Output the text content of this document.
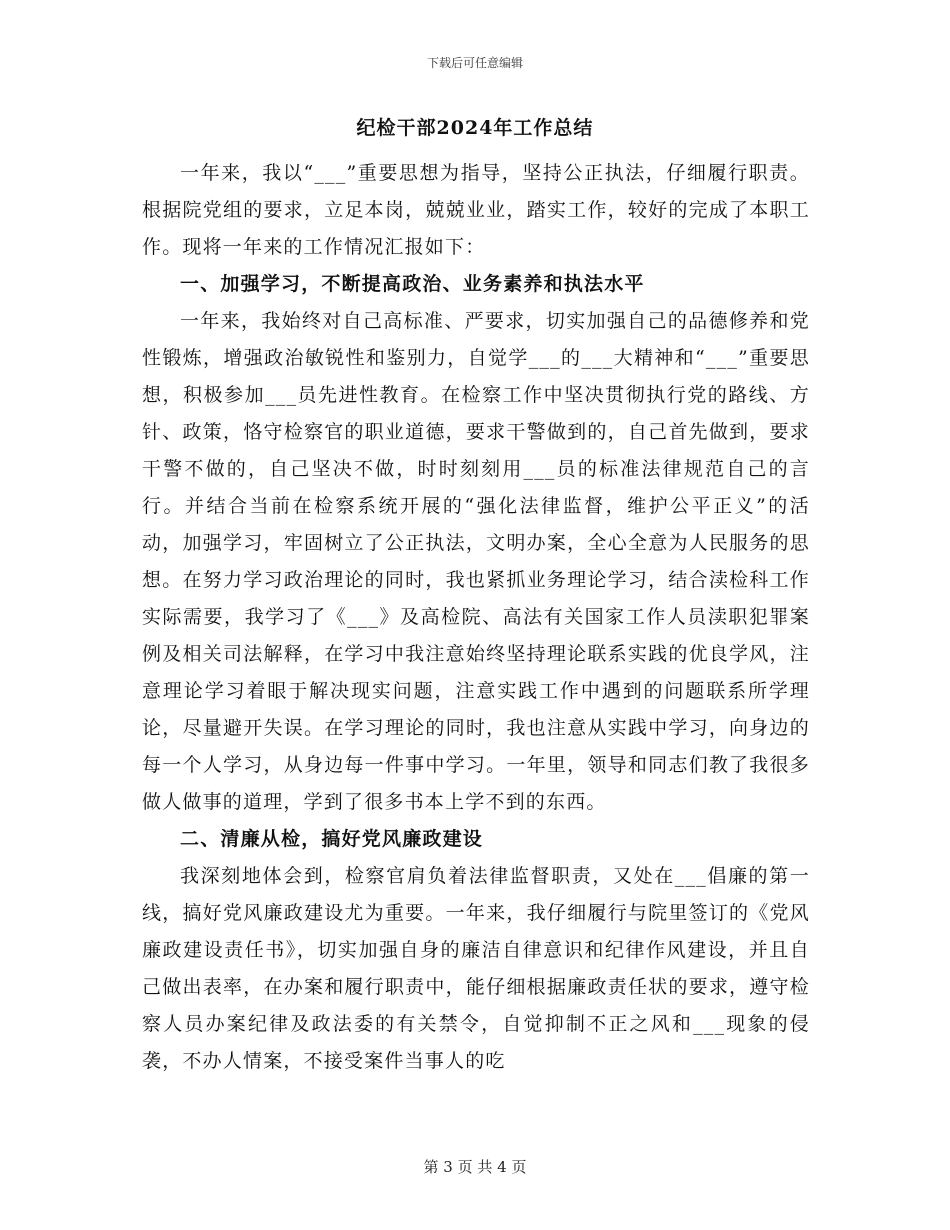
下载后可任意编辑
纪检干部2024年工作总结

一年来，我以“___”重要思想为指导，坚持公正执法，仔细履行职责。根据院党组的要求，立足本岗，兢兢业业，踏实工作，较好的完成了本职工作。现将一年来的工作情况汇报如下：

一、加强学习，不断提高政治、业务素养和执法水平

一年来，我始终对自己高标准、严要求，切实加强自己的品德修养和党性锻炼，增强政治敏锐性和鉴别力，自觉学___的___大精神和“___”重要思想，积极参加___员先进性教育。在检察工作中坚决贯彻执行党的路线、方针、政策，恪守检察官的职业道德，要求干警做到的，自己首先做到，要求干警不做的，自己坚决不做，时时刻刻用___员的标准法律规范自己的言行。并结合当前在检察系统开展的“强化法律监督，维护公平正义”的活动，加强学习，牢固树立了公正执法，文明办案，全心全意为人民服务的思想。在努力学习政治理论的同时，我也紧抓业务理论学习，结合渎检科工作实际需要，我学习了《___》及高检院、高法有关国家工作人员渎职犯罪案例及相关司法解释，在学习中我注意始终坚持理论联系实践的优良学风，注意理论学习着眼于解决现实问题，注意实践工作中遇到的问题联系所学理论，尽量避开失误。在学习理论的同时，我也注意从实践中学习，向身边的每一个人学习，从身边每一件事中学习。一年里，领导和同志们教了我很多做人做事的道理，学到了很多书本上学不到的东西。

二、清廉从检，搞好党风廉政建设

我深刻地体会到，检察官肩负着法律监督职责，又处在___倡廉的第一线，搞好党风廉政建设尤为重要。一年来，我仔细履行与院里签订的《党风廉政建设责任书》，切实加强自身的廉洁自律意识和纪律作风建设，并且自己做出表率，在办案和履行职责中，能仔细根据廉政责任状的要求，遵守检察人员办案纪律及政法委的有关禁令，自觉抑制不正之风和___现象的侵袭，不办人情案，不接受案件当事人的吃

第 3 页 共 4 页
